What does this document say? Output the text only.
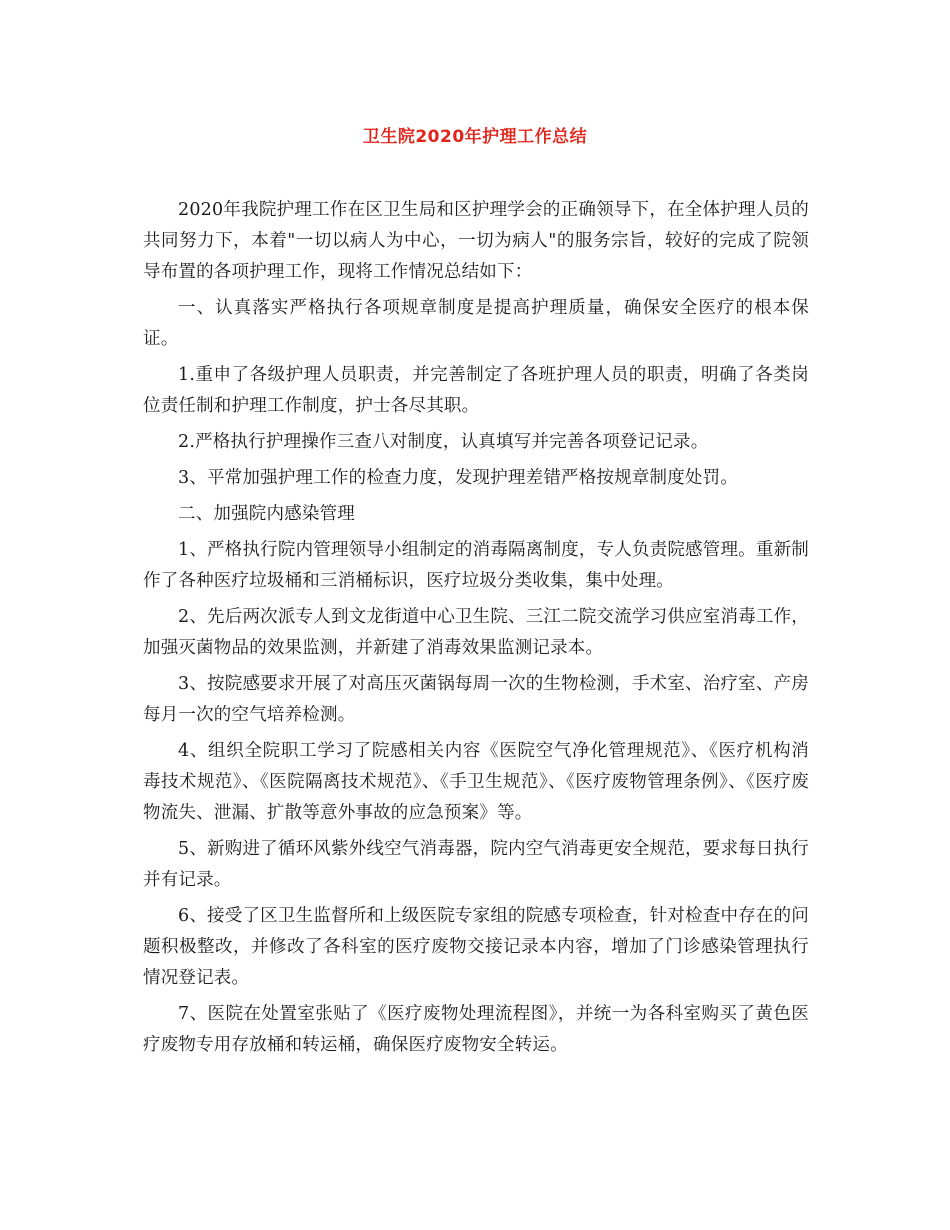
卫生院2020年护理工作总结

2020年我院护理工作在区卫生局和区护理学会的正确领导下，在全体护理人员的共同努力下，本着"一切以病人为中心，一切为病人"的服务宗旨，较好的完成了院领导布置的各项护理工作，现将工作情况总结如下：

一、认真落实严格执行各项规章制度是提高护理质量，确保安全医疗的根本保证。

1.重申了各级护理人员职责，并完善制定了各班护理人员的职责，明确了各类岗位责任制和护理工作制度，护士各尽其职。

2.严格执行护理操作三查八对制度，认真填写并完善各项登记记录。

3、平常加强护理工作的检查力度，发现护理差错严格按规章制度处罚。

二、加强院内感染管理

1、严格执行院内管理领导小组制定的消毒隔离制度，专人负责院感管理。重新制作了各种医疗垃圾桶和三消桶标识，医疗垃圾分类收集，集中处理。

2、先后两次派专人到文龙街道中心卫生院、三江二院交流学习供应室消毒工作，加强灭菌物品的效果监测，并新建了消毒效果监测记录本。

3、按院感要求开展了对高压灭菌锅每周一次的生物检测，手术室、治疗室、产房每月一次的空气培养检测。

4、组织全院职工学习了院感相关内容《医院空气净化管理规范》、《医疗机构消毒技术规范》、《医院隔离技术规范》、《手卫生规范》、《医疗废物管理条例》、《医疗废物流失、泄漏、扩散等意外事故的应急预案》等。

5、新购进了循环风紫外线空气消毒器，院内空气消毒更安全规范，要求每日执行并有记录。

6、接受了区卫生监督所和上级医院专家组的院感专项检查，针对检查中存在的问题积极整改，并修改了各科室的医疗废物交接记录本内容，增加了门诊感染管理执行情况登记表。

7、医院在处置室张贴了《医疗废物处理流程图》，并统一为各科室购买了黄色医疗废物专用存放桶和转运桶，确保医疗废物安全转运。
